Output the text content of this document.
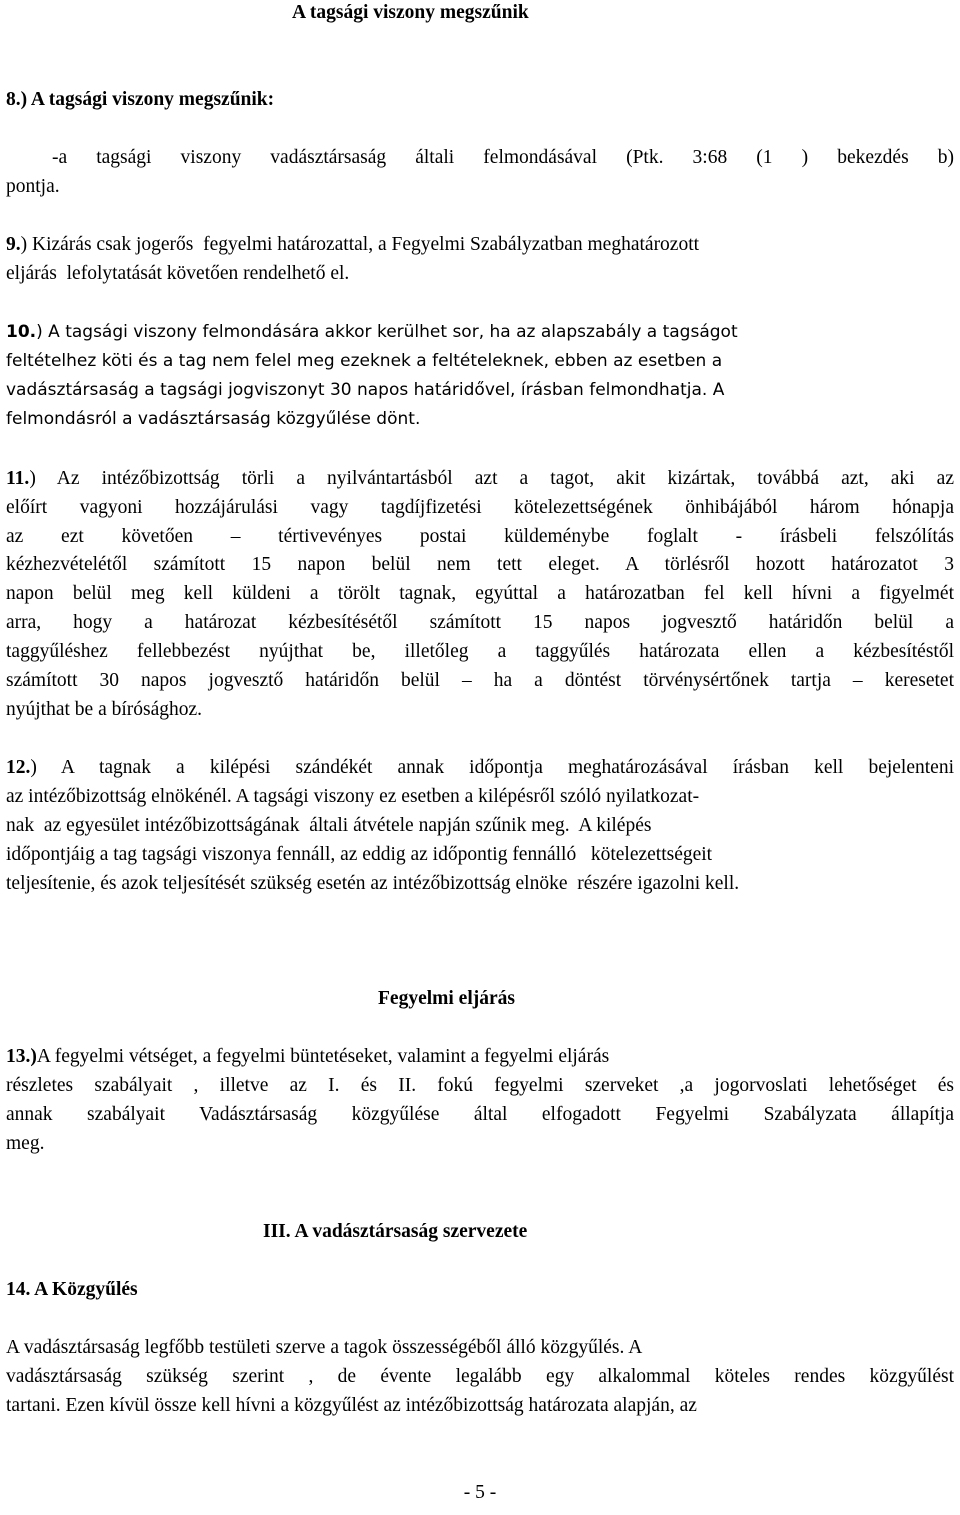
A tagsági viszony megszűnik
8.) A tagsági viszony megszűnik:
-a tagsági viszony vadásztársaság általi felmondásával (Ptk. 3:68 (1 ) bekezdés b)
pontja.
9.) Kizárás csak jogerős  fegyelmi határozattal, a Fegyelmi Szabályzatban meghatározott
eljárás  lefolytatását követően rendelhető el.
10.) A tagsági viszony felmondására akkor kerülhet sor, ha az alapszabály a tagságot
feltételhez köti és a tag nem felel meg ezeknek a feltételeknek, ebben az esetben a
vadásztársaság a tagsági jogviszonyt 30 napos határidővel, írásban felmondhatja. A
felmondásról a vadásztársaság közgyűlése dönt.
11.) Az intézőbizottság törli a nyilvántartásból azt a tagot, akit kizártak, továbbá azt, aki az
előírt vagyoni hozzájárulási vagy tagdíjfizetési kötelezettségének önhibájából három hónapja
az ezt követően – tértivevényes postai küldeménybe foglalt - írásbeli felszólítás
kézhezvételétől számított 15 napon belül nem tett eleget. A törlésről hozott határozatot 3
napon belül meg kell küldeni a törölt tagnak, egyúttal a határozatban fel kell hívni a figyelmét
arra, hogy a határozat kézbesítésétől számított 15 napos jogvesztő határidőn belül a
taggyűléshez fellebbezést nyújthat be, illetőleg a taggyűlés határozata ellen a kézbesítéstől
számított 30 napos jogvesztő határidőn belül – ha a döntést törvénysértőnek tartja – keresetet
nyújthat be a bírósághoz.
12.) A tagnak a kilépési szándékét annak időpontja meghatározásával írásban kell bejelenteni
az intézőbizottság elnökénél. A tagsági viszony ez esetben a kilépésről szóló nyilatkozat-
nak  az egyesület intézőbizottságának  általi átvétele napján szűnik meg.  A kilépés
időpontjáig a tag tagsági viszonya fennáll, az eddig az időpontig fennálló   kötelezettségeit
teljesítenie, és azok teljesítését szükség esetén az intézőbizottság elnöke  részére igazolni kell.
Fegyelmi eljárás
13.)A fegyelmi vétséget, a fegyelmi büntetéseket, valamint a fegyelmi eljárás
részletes szabályait , illetve az I. és II. fokú fegyelmi szerveket ,a jogorvoslati lehetőséget és
annak szabályait Vadásztársaság közgyűlése által elfogadott Fegyelmi Szabályzata állapítja
meg.
III. A vadásztársaság szervezete
14. A Közgyűlés
A vadásztársaság legfőbb testületi szerve a tagok összességéből álló közgyűlés. A
vadásztársaság szükség szerint , de évente legalább egy alkalommal köteles rendes közgyűlést
tartani. Ezen kívül össze kell hívni a közgyűlést az intézőbizottság határozata alapján, az
- 5 -
